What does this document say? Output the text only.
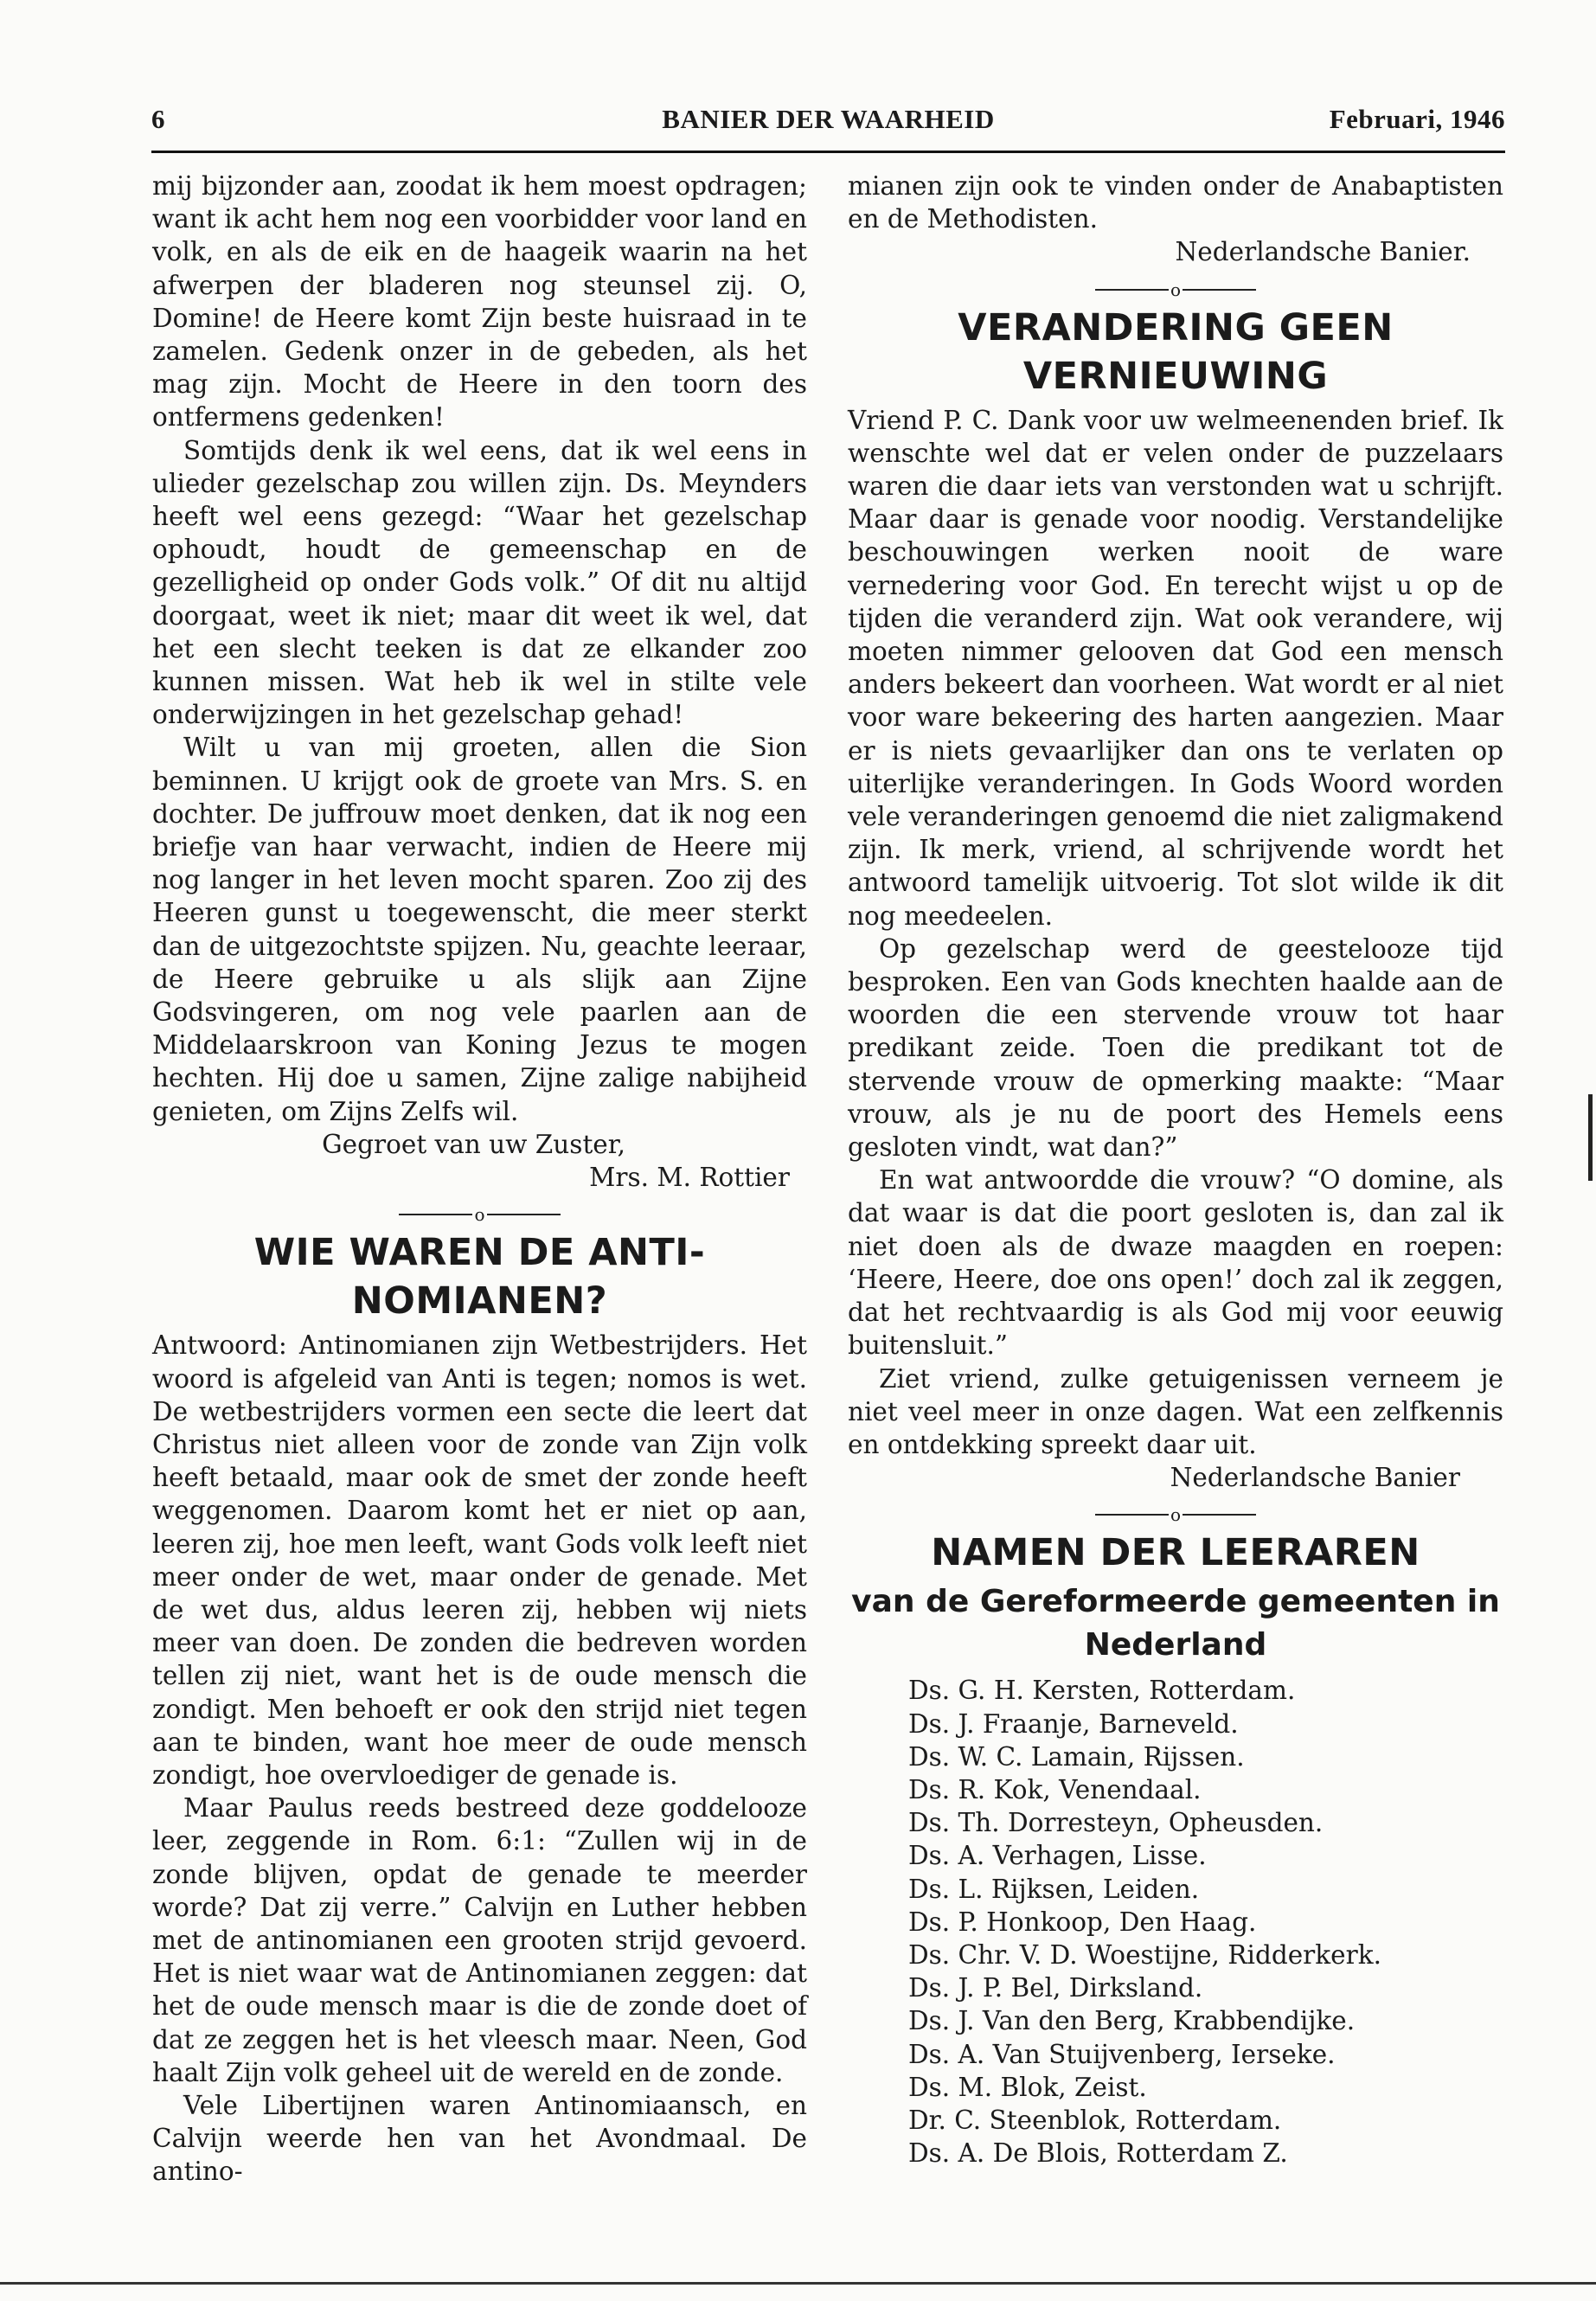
6	BANIER DER WAARHEID	Februari, 1946

mij bijzonder aan, zoodat ik hem moest opdragen; want ik acht hem nog een voorbidder voor land en volk, en als de eik en de haageik waarin na het afwerpen der bladeren nog steunsel zij. O, Domine! de Heere komt Zijn beste huisraad in te zamelen. Gedenk onzer in de gebeden, als het mag zijn. Mocht de Heere in den toorn des ontfermens gedenken!

Somtijds denk ik wel eens, dat ik wel eens in ulieder gezelschap zou willen zijn. Ds. Meynders heeft wel eens gezegd: “Waar het gezelschap ophoudt, houdt de gemeenschap en de gezelligheid op onder Gods volk.” Of dit nu altijd doorgaat, weet ik niet; maar dit weet ik wel, dat het een slecht teeken is dat ze elkander zoo kunnen missen. Wat heb ik wel in stilte vele onderwijzingen in het gezelschap gehad!

Wilt u van mij groeten, allen die Sion beminnen. U krijgt ook de groete van Mrs. S. en dochter. De juffrouw moet denken, dat ik nog een briefje van haar verwacht, indien de Heere mij nog langer in het leven mocht sparen. Zoo zij des Heeren gunst u toegewenscht, die meer sterkt dan de uitgezochtste spijzen. Nu, geachte leeraar, de Heere gebruike u als slijk aan Zijne Godsvingeren, om nog vele paarlen aan de Middelaarskroon van Koning Jezus te mogen hechten. Hij doe u samen, Zijne zalige nabijheid genieten, om Zijns Zelfs wil.

Gegroet van uw Zuster,

Mrs. M. Rottier

o
WIE WAREN DE ANTI- NOMIANEN?

Antwoord: Antinomianen zijn Wetbestrijders. Het woord is afgeleid van Anti is tegen; nomos is wet. De wetbestrijders vormen een secte die leert dat Christus niet alleen voor de zonde van Zijn volk heeft betaald, maar ook de smet der zonde heeft weggenomen. Daarom komt het er niet op aan, leeren zij, hoe men leeft, want Gods volk leeft niet meer onder de wet, maar onder de genade. Met de wet dus, aldus leeren zij, hebben wij niets meer van doen. De zonden die bedreven worden tellen zij niet, want het is de oude mensch die zondigt. Men behoeft er ook den strijd niet tegen aan te binden, want hoe meer de oude mensch zondigt, hoe overvloediger de genade is.

Maar Paulus reeds bestreed deze goddelooze leer, zeggende in Rom. 6:1: “Zullen wij in de zonde blijven, opdat de genade te meerder worde? Dat zij verre.” Calvijn en Luther hebben met de antinomianen een grooten strijd gevoerd. Het is niet waar wat de Antinomianen zeggen: dat het de oude mensch maar is die de zonde doet of dat ze zeggen het is het vleesch maar. Neen, God haalt Zijn volk geheel uit de wereld en de zonde.

Vele Libertijnen waren Antinomiaansch, en Calvijn weerde hen van het Avondmaal. De antino-

mianen zijn ook te vinden onder de Anabaptisten en de Methodisten.

Nederlandsche Banier.

o
VERANDERING GEEN VERNIEUWING

Vriend P. C. Dank voor uw welmeenenden brief. Ik wenschte wel dat er velen onder de puzzelaars waren die daar iets van verstonden wat u schrijft. Maar daar is genade voor noodig. Verstandelijke beschouwingen werken nooit de ware vernedering voor God. En terecht wijst u op de tijden die veranderd zijn. Wat ook verandere, wij moeten nimmer gelooven dat God een mensch anders bekeert dan voorheen. Wat wordt er al niet voor ware bekeering des harten aangezien. Maar er is niets gevaarlijker dan ons te verlaten op uiterlijke veranderingen. In Gods Woord worden vele veranderingen genoemd die niet zaligmakend zijn. Ik merk, vriend, al schrijvende wordt het antwoord tamelijk uitvoerig. Tot slot wilde ik dit nog meedeelen.

Op gezelschap werd de geestelooze tijd besproken. Een van Gods knechten haalde aan de woorden die een stervende vrouw tot haar predikant zeide. Toen die predikant tot de stervende vrouw de opmerking maakte: “Maar vrouw, als je nu de poort des Hemels eens gesloten vindt, wat dan?”

En wat antwoordde die vrouw? “O domine, als dat waar is dat die poort gesloten is, dan zal ik niet doen als de dwaze maagden en roepen: ‘Heere, Heere, doe ons open!’ doch zal ik zeggen, dat het rechtvaardig is als God mij voor eeuwig buitensluit.”

Ziet vriend, zulke getuigenissen verneem je niet veel meer in onze dagen. Wat een zelfkennis en ontdekking spreekt daar uit.

Nederlandsche Banier

o
NAMEN DER LEERAREN
van de Gereformeerde gemeenten in Nederland
Ds. G. H. Kersten, Rotterdam.
Ds. J. Fraanje, Barneveld.
Ds. W. C. Lamain, Rijssen.
Ds. R. Kok, Venendaal.
Ds. Th. Dorresteyn, Opheusden.
Ds. A. Verhagen, Lisse.
Ds. L. Rijksen, Leiden.
Ds. P. Honkoop, Den Haag.
Ds. Chr. V. D. Woestijne, Ridderkerk.
Ds. J. P. Bel, Dirksland.
Ds. J. Van den Berg, Krabbendijke.
Ds. A. Van Stuijvenberg, Ierseke.
Ds. M. Blok, Zeist.
Dr. C. Steenblok, Rotterdam.
Ds. A. De Blois, Rotterdam Z.
